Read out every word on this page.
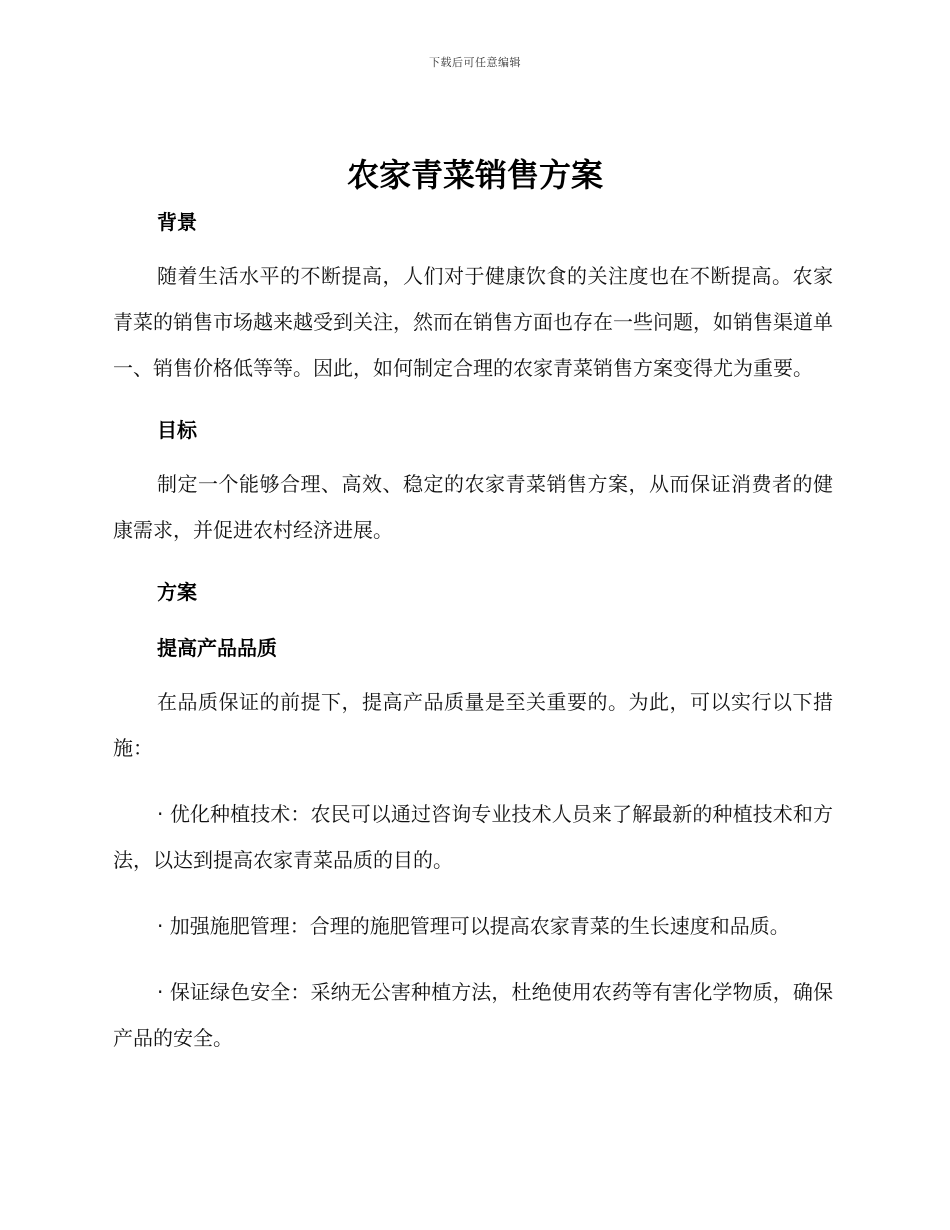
下载后可任意编辑
农家青菜销售方案
背景

随着生活水平的不断提高，人们对于健康饮食的关注度也在不断提高。农家青菜的销售市场越来越受到关注，然而在销售方面也存在一些问题，如销售渠道单一、销售价格低等等。因此，如何制定合理的农家青菜销售方案变得尤为重要。

目标

制定一个能够合理、高效、稳定的农家青菜销售方案，从而保证消费者的健康需求，并促进农村经济进展。

方案
提高产品品质

在品质保证的前提下，提高产品质量是至关重要的。为此，可以实行以下措施：

· 优化种植技术：农民可以通过咨询专业技术人员来了解最新的种植技术和方法，以达到提高农家青菜品质的目的。

· 加强施肥管理：合理的施肥管理可以提高农家青菜的生长速度和品质。

· 保证绿色安全：采纳无公害种植方法，杜绝使用农药等有害化学物质，确保产品的安全。
